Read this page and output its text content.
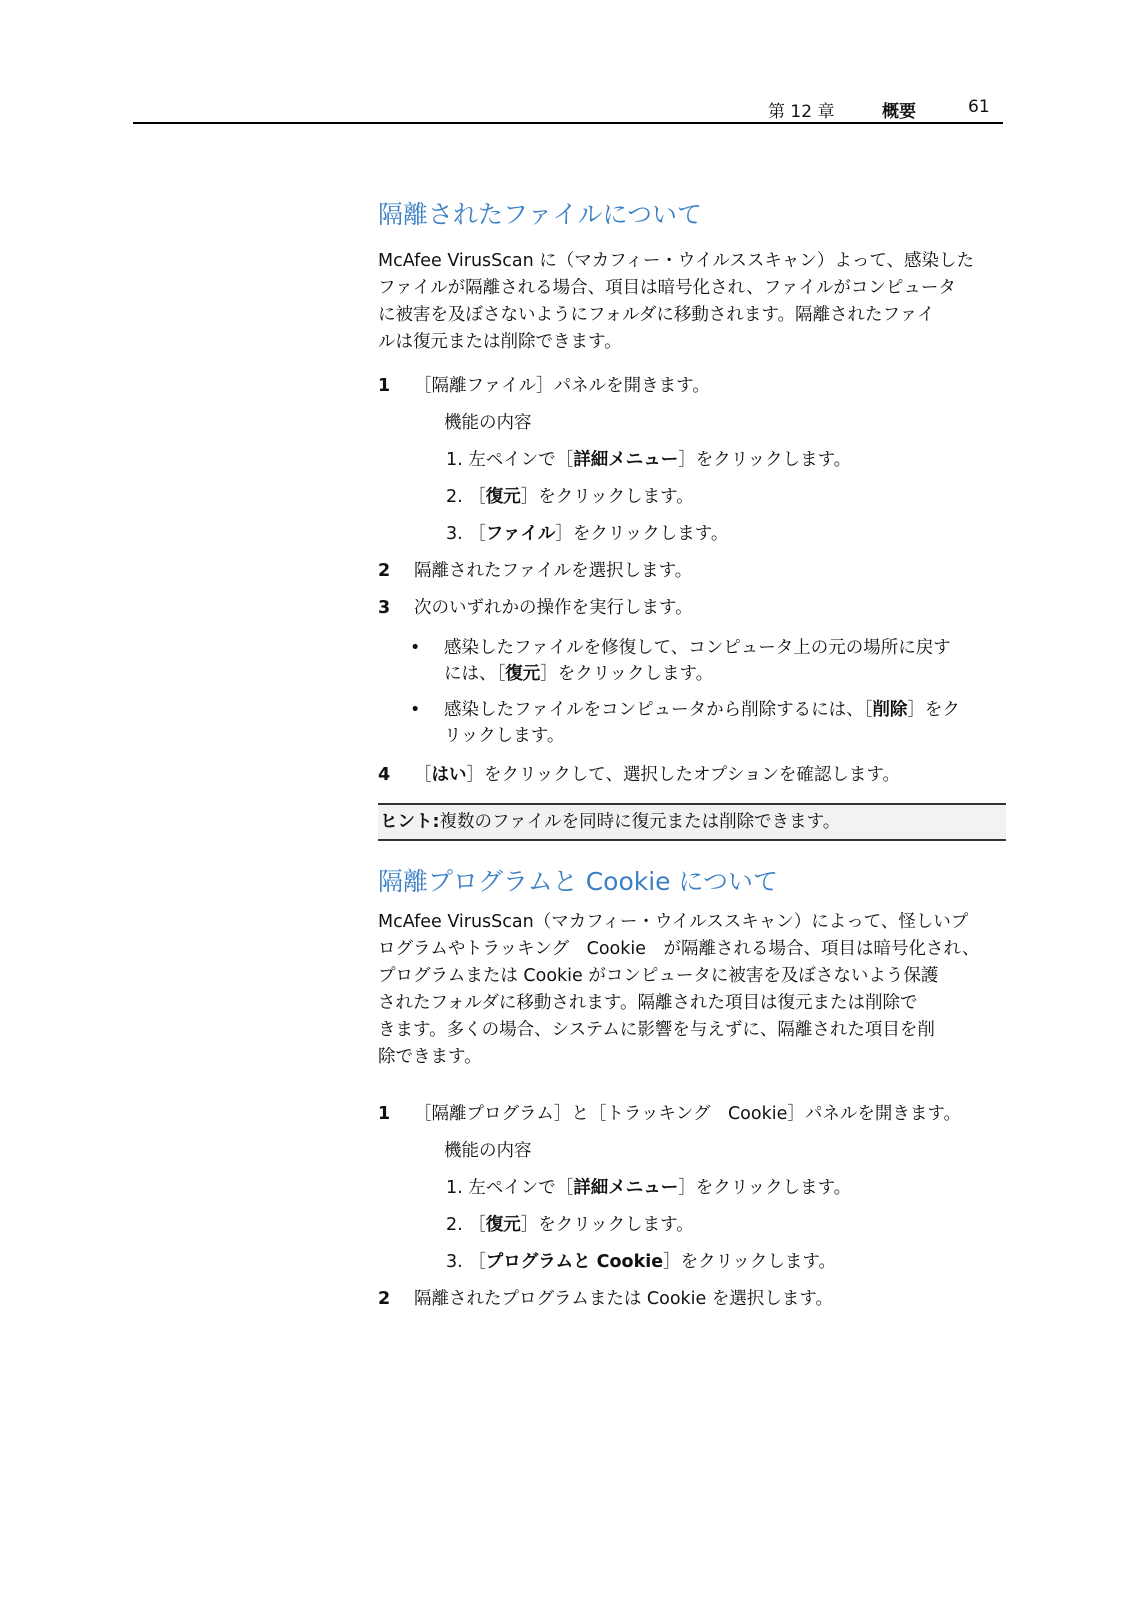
第 12 章	概要	61
隔離されたファイルについて

McAfee VirusScan に（マカフィー・ウイルススキャン）よって、感染した

ファイルが隔離される場合、項目は暗号化され、ファイルがコンピュータ

に被害を及ぼさないようにフォルダに移動されます。隔離されたファイ

ルは復元または削除できます。

1 ［隔離ファイル］パネルを開きます。
機能の内容
1. 左ペインで［詳細メニュー］をクリックします。
2. ［復元］をクリックします。
3. ［ファイル］をクリックします。
2 隔離されたファイルを選択します。
3 次のいずれかの操作を実行します。
• 感染したファイルを修復して、コンピュータ上の元の場所に戻す
には、［復元］をクリックします。
• 感染したファイルをコンピュータから削除するには、［削除］をク
リックします。
4 ［はい］をクリックして、選択したオプションを確認します。
ヒント:複数のファイルを同時に復元または削除できます。
隔離プログラムと Cookie について

McAfee VirusScan（マカフィー・ウイルススキャン）によって、怪しいプ

ログラムやトラッキング　Cookie　が隔離される場合、項目は暗号化され、

プログラムまたは Cookie がコンピュータに被害を及ぼさないよう保護

されたフォルダに移動されます。隔離された項目は復元または削除で

きます。多くの場合、システムに影響を与えずに、隔離された項目を削

除できます。

1 ［隔離プログラム］と［トラッキング　Cookie］パネルを開きます。
機能の内容
1. 左ペインで［詳細メニュー］をクリックします。
2. ［復元］をクリックします。
3. ［プログラムと Cookie］をクリックします。
2 隔離されたプログラムまたは Cookie を選択します。
